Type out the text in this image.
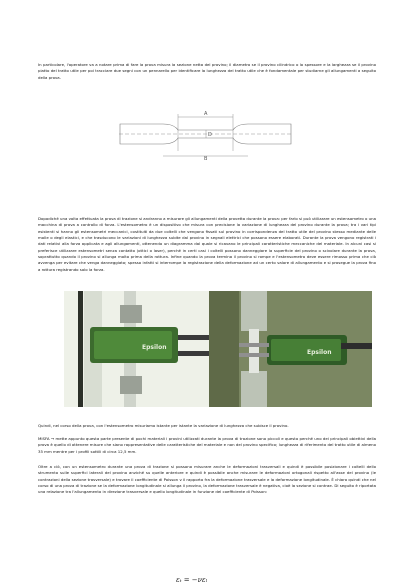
In particolare, l'operatore va a notare prima di fare la prova misura la sezione netta del provino; il diametro se il provino cilindrico o lo spessore e la larghezza se il provino piatto del tratto utile per poi tracciare due segni con un pennarello per identificare la lunghezza del tratto utile che è fondamentale per studiarne gli allungamenti a seguito della prova.

A
D
B

Dopodiché una volta effettuata la prova di trazione si andranno a misurare gli allungamenti della provetta durante la prova: per farlo si può utilizzare un estensometro o una macchina di prova a controllo di forza. L'estensometro è un dispositivo che misura con precisione la variazione di lunghezza del provino durante la prova; tra i vari tipi esistenti si hanno gli estensometri meccanici, costituiti da due coltelli che vengono fissati sul provino in corrispondenza del tratto utile del provino stesso mediante delle molle o degli elastici, e che trasducono le variazioni di lunghezza subite dal provino in segnali elettrici che possono essere elaborati. Durante la prova vengono registrati i dati relativi alla forza applicata e agli allungamenti, ottenendo un diagramma dal quale si ricavano le principali caratteristiche meccaniche del materiale. In alcuni casi si preferisce utilizzare estensometri senza contatto (ottici o laser), perché in certi casi i coltelli possono danneggiare la superficie del provino o scivolare durante la prova, soprattutto quando il provino si allunga molto prima della rottura. Infine quando la prova termina il provino si rompe e l'estensometro deve essere rimosso prima che ciò avvenga per evitare che venga danneggiato; spesso infatti si interrompe la registrazione della deformazione ad un certo valore di allungamento e si prosegue la prova fino a rottura registrando solo la forza.

Epsilon
Epsilon

Quindi, nel corso della prova, con l'estensometro misuriamo istante per istante la variazione di lunghezza che subisce il provino.

MISFA → mette appunto questa parte presente di pochi materiali i provini utilizzati durante la prova di trazione sono piccoli e questo perché uno dei principali obiettivi della prova è quello di ottenere misure che siano rappresentative delle caratteristiche del materiale e non del provino specifico; lunghezza di riferimento del tratto utile di almeno 35 mm mentre per i profili sottili di circa 12,5 mm.

Oltre a ciò, con un estensometro durante una prova di trazione si possono misurare anche le deformazioni trasversali e quindi è possibile posizionare i coltelli dello strumento sulle superfici laterali del provino anziché su quelle anteriore e quindi è possibile anche misurare le deformazioni ortogonali rispetto all'asse del provino (le contrazioni della sezione trasversale) e trovare il coefficiente di Poisson ν il rapporto fra la deformazione trasversale e la deformazione longitudinale. È chiaro quindi che nel corso di una prova di trazione se la deformazione longitudinale si allunga il provino, la deformazione trasversale è negativa, cioè la sezione si contrae. Di seguito è riportata una relazione tra l'allungamento in direzione trasversale e quello longitudinale in funzione del coefficiente di Poisson:

εₜ = −νεₗ
